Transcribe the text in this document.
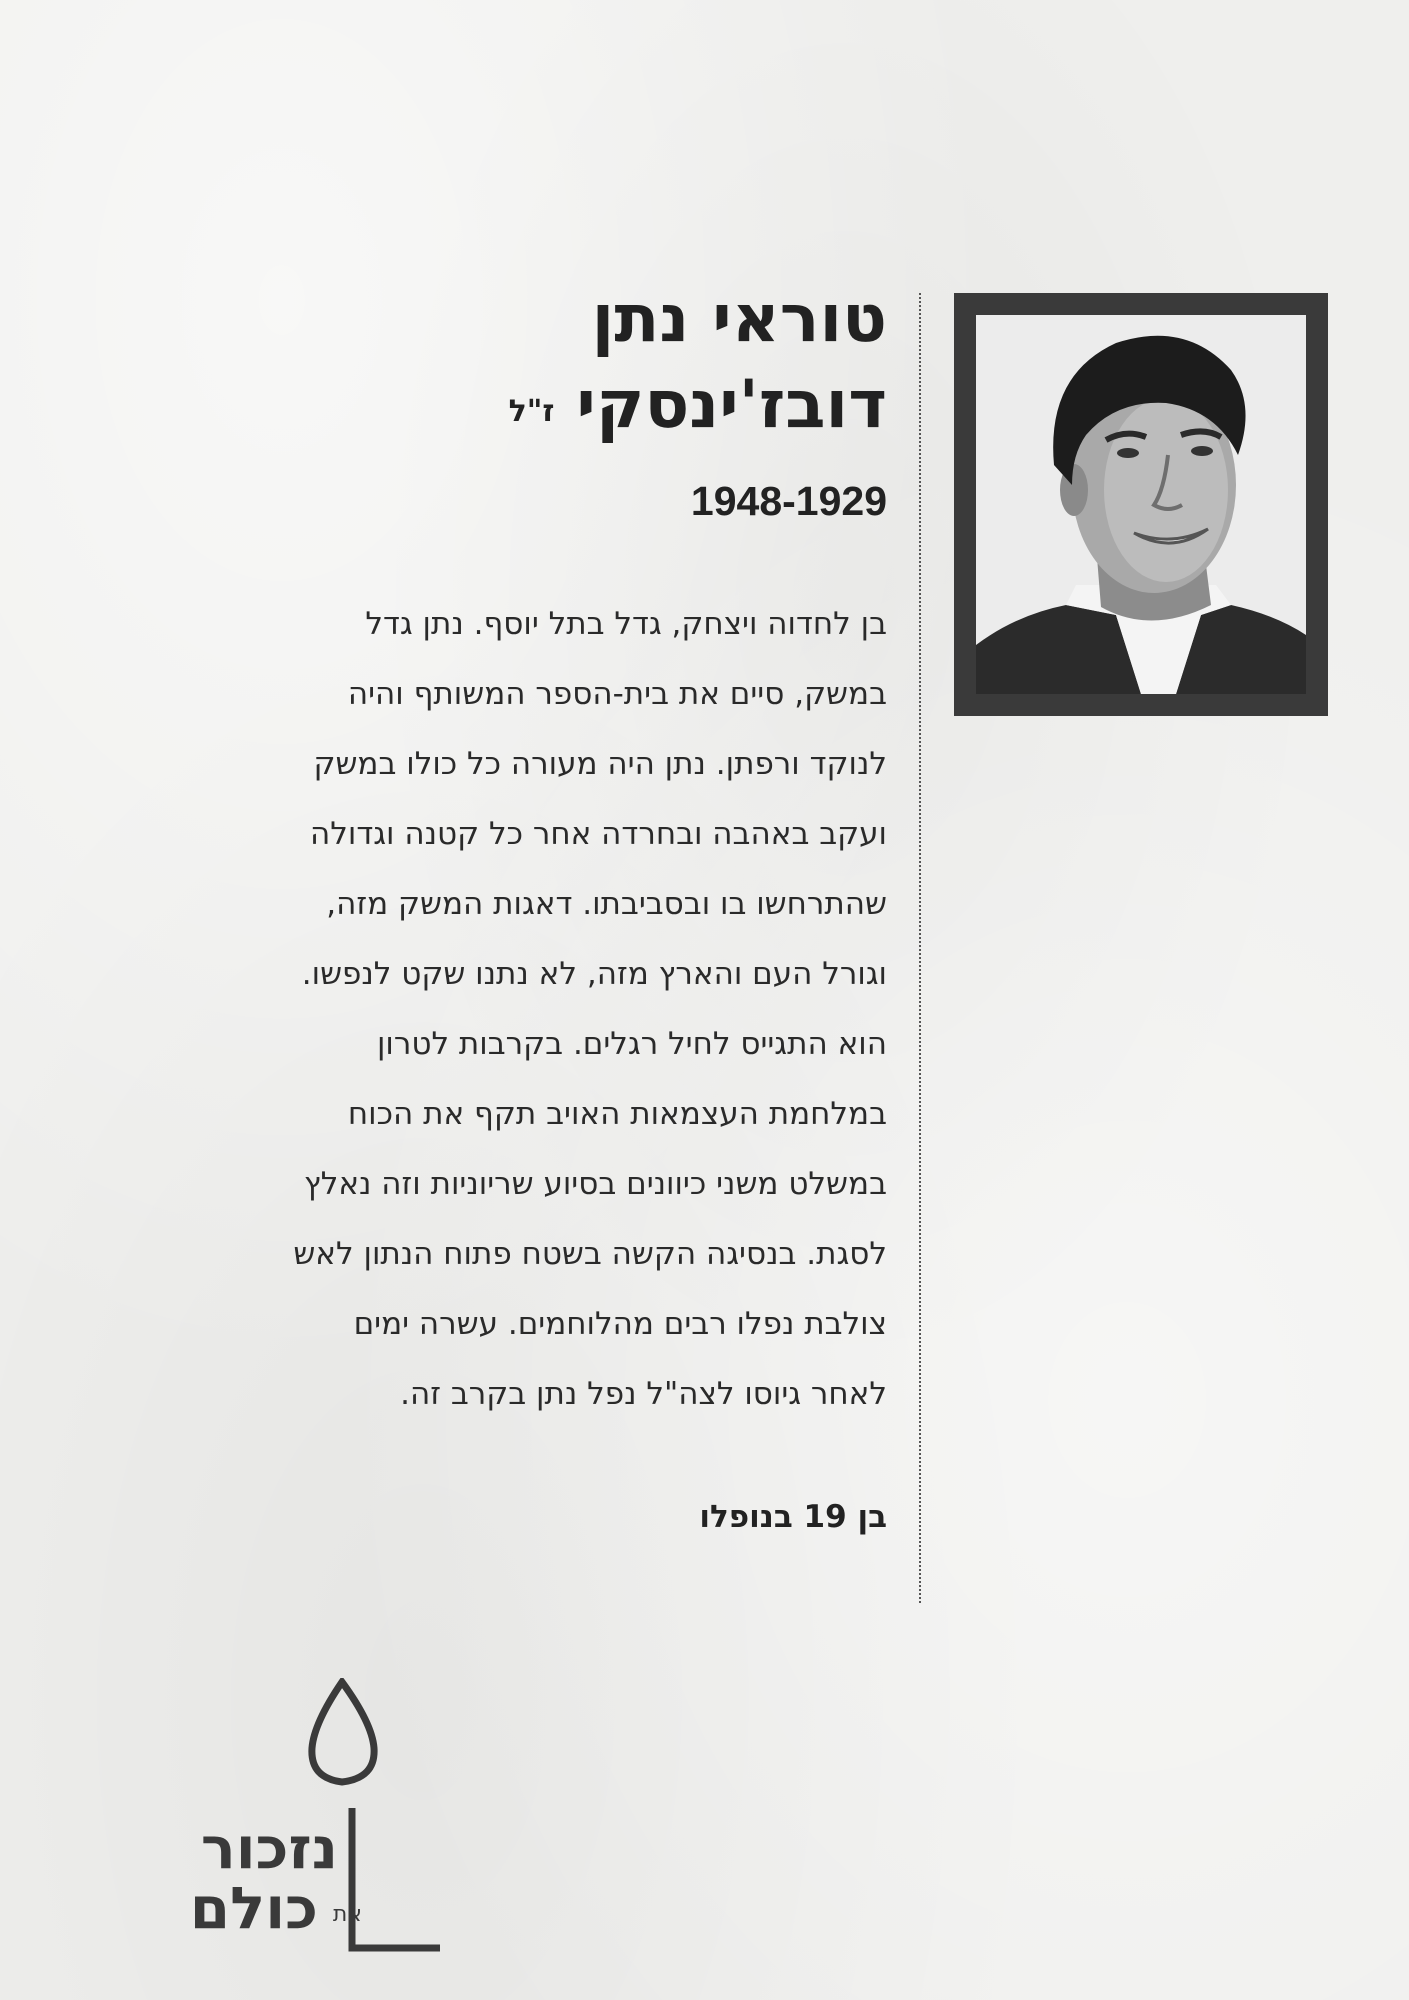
טוראי נתן
דובז'ינסקיז"ל
1948-1929
בן לחדוה ויצחק, גדל בתל יוסף. נתן גדל
במשק, סיים את בית-הספר המשותף והיה
לנוקד ורפתן. נתן היה מעורה כל כולו במשק
ועקב באהבה ובחרדה אחר כל קטנה וגדולה
שהתרחשו בו ובסביבתו. דאגות המשק מזה,
וגורל העם והארץ מזה, לא נתנו שקט לנפשו.
הוא התגייס לחיל רגלים. בקרבות לטרון
במלחמת העצמאות האויב תקף את הכוח
במשלט משני כיוונים בסיוע שריוניות וזה נאלץ
לסגת. בנסיגה הקשה בשטח פתוח הנתון לאש
צולבת נפלו רבים מהלוחמים. עשרה ימים
לאחר גיוסו לצה"ל נפל נתן בקרב זה.
בן 19 בנופלו
נזכור
את
כולם
